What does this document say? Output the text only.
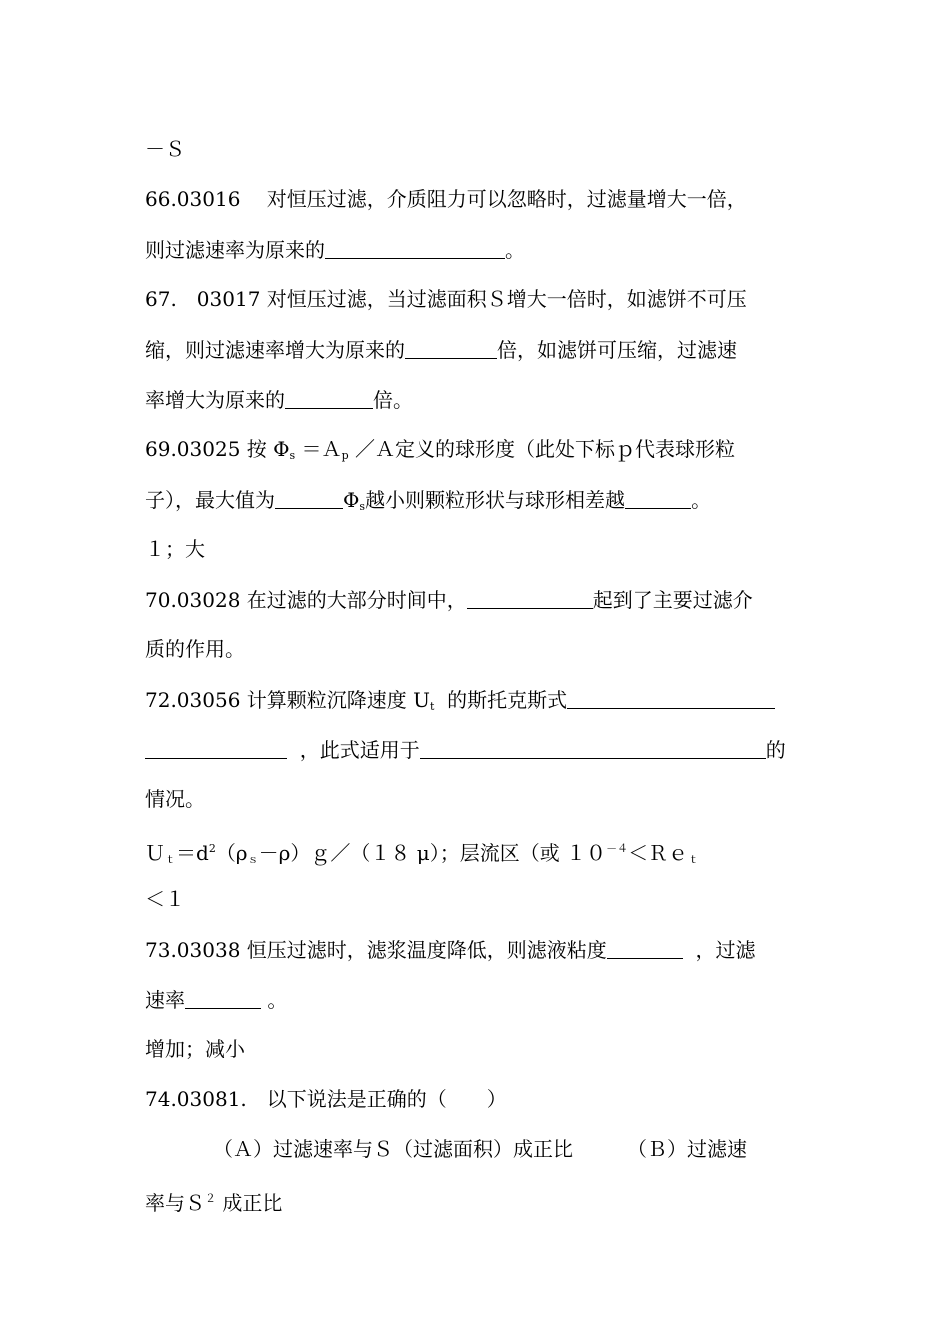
－Ｓ
66.03016　 对恒压过滤，介质阻力可以忽略时，过滤量增大一倍，
则过滤速率为原来的	。
67.　03017 对恒压过滤，当过滤面积Ｓ增大一倍时，如滤饼不可压
缩，则过滤速率增大为原来的	倍，如滤饼可压缩，过滤速
率增大为原来的	倍。
69.03025 按 $\Phi_s$ ＝Ａ$_p$ ／Ａ定义的球形度（此处下标ｐ代表球形粒
子），最大值为	$\Phi_s$越小则颗粒形状与球形相差越	。
１；大
70.03028 在过滤的大部分时间中，	起到了主要过滤介
质的作用。
72.03056 计算颗粒沉降速度 $U_t$  的斯托克斯式
，此式适用于	的
情况。
$U_t=d^2(\rho_s-\rho)g/(18$ μ）；层流区（或 $10^{-4}<Re_t$
＜１
73.03038 恒压过滤时，滤浆温度降低，则滤液粘度	，过滤
速率	。
增加；减小
74.03081.　以下说法是正确的（　　）
（Ａ）过滤速率与Ｓ（过滤面积）成正比	（Ｂ）过滤速
率与Ｓ$^2$ 成正比
